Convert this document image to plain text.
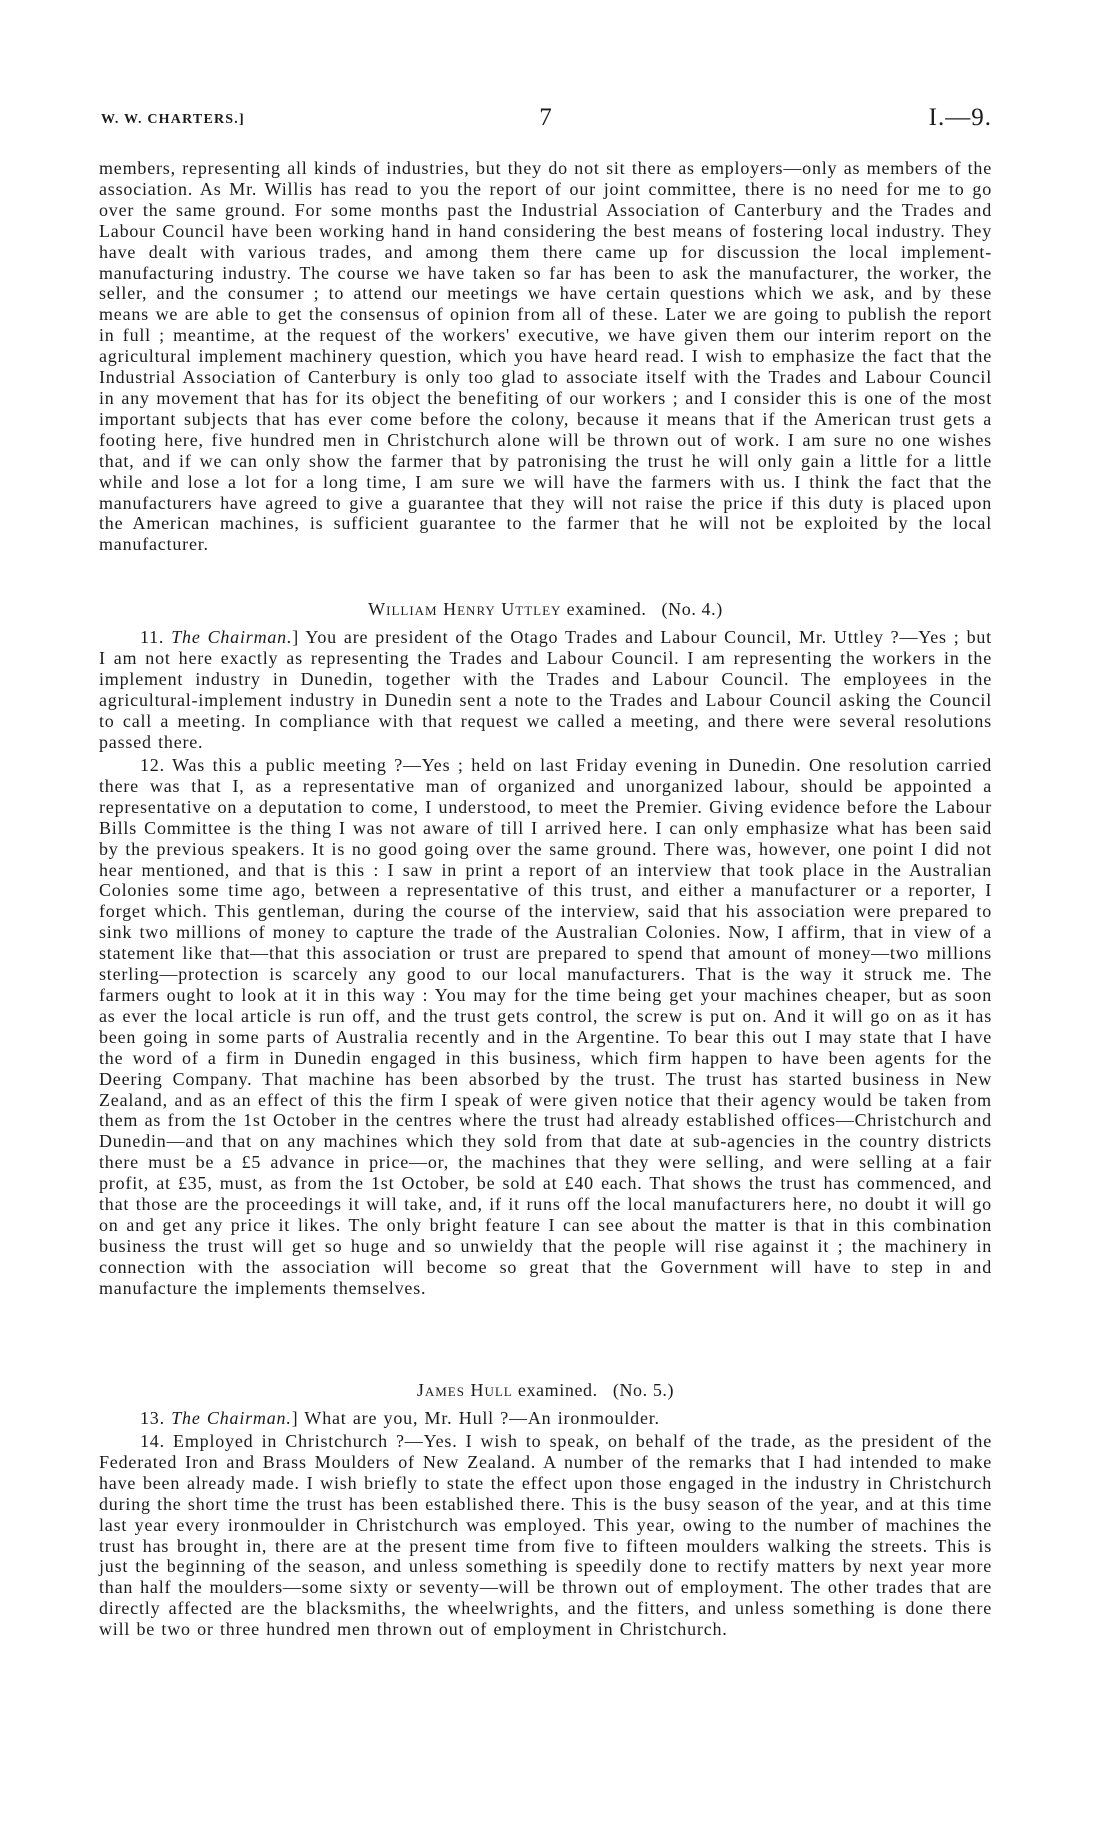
W. W. CHARTERS.]	7	I.—9.

members, representing all kinds of industries, but they do not sit there as employers—only as members of the association. As Mr. Willis has read to you the report of our joint committee, there is no need for me to go over the same ground. For some months past the Industrial Association of Canterbury and the Trades and Labour Council have been working hand in hand considering the best means of fostering local industry. They have dealt with various trades, and among them there came up for discussion the local implement-manufacturing industry. The course we have taken so far has been to ask the manufacturer, the worker, the seller, and the consumer ; to attend our meetings we have certain questions which we ask, and by these means we are able to get the consensus of opinion from all of these. Later we are going to publish the report in full ; meantime, at the request of the workers' executive, we have given them our interim report on the agricultural implement machinery question, which you have heard read. I wish to emphasize the fact that the Industrial Association of Canterbury is only too glad to associate itself with the Trades and Labour Council in any movement that has for its object the benefiting of our workers ; and I consider this is one of the most important subjects that has ever come before the colony, because it means that if the American trust gets a footing here, five hundred men in Christchurch alone will be thrown out of work. I am sure no one wishes that, and if we can only show the farmer that by patronising the trust he will only gain a little for a little while and lose a lot for a long time, I am sure we will have the farmers with us. I think the fact that the manufacturers have agreed to give a guarantee that they will not raise the price if this duty is placed upon the American machines, is sufficient guarantee to the farmer that he will not be exploited by the local manufacturer.

William Henry Uttley examined. (No. 4.)

11. The Chairman.] You are president of the Otago Trades and Labour Council, Mr. Uttley ?—Yes ; but I am not here exactly as representing the Trades and Labour Council. I am representing the workers in the implement industry in Dunedin, together with the Trades and Labour Council. The employees in the agricultural-implement industry in Dunedin sent a note to the Trades and Labour Council asking the Council to call a meeting. In compliance with that request we called a meeting, and there were several resolutions passed there.

12. Was this a public meeting ?—Yes ; held on last Friday evening in Dunedin. One resolution carried there was that I, as a representative man of organized and unorganized labour, should be appointed a representative on a deputation to come, I understood, to meet the Premier. Giving evidence before the Labour Bills Committee is the thing I was not aware of till I arrived here. I can only emphasize what has been said by the previous speakers. It is no good going over the same ground. There was, however, one point I did not hear mentioned, and that is this : I saw in print a report of an interview that took place in the Australian Colonies some time ago, between a representative of this trust, and either a manufacturer or a reporter, I forget which. This gentleman, during the course of the interview, said that his association were prepared to sink two millions of money to capture the trade of the Australian Colonies. Now, I affirm, that in view of a statement like that—that this association or trust are prepared to spend that amount of money—two millions sterling—protection is scarcely any good to our local manufacturers. That is the way it struck me. The farmers ought to look at it in this way : You may for the time being get your machines cheaper, but as soon as ever the local article is run off, and the trust gets control, the screw is put on. And it will go on as it has been going in some parts of Australia recently and in the Argentine. To bear this out I may state that I have the word of a firm in Dunedin engaged in this business, which firm happen to have been agents for the Deering Company. That machine has been absorbed by the trust. The trust has started business in New Zealand, and as an effect of this the firm I speak of were given notice that their agency would be taken from them as from the 1st October in the centres where the trust had already established offices—Christchurch and Dunedin—and that on any machines which they sold from that date at sub-agencies in the country districts there must be a £5 advance in price—or, the machines that they were selling, and were selling at a fair profit, at £35, must, as from the 1st October, be sold at £40 each. That shows the trust has commenced, and that those are the proceedings it will take, and, if it runs off the local manufacturers here, no doubt it will go on and get any price it likes. The only bright feature I can see about the matter is that in this combination business the trust will get so huge and so unwieldy that the people will rise against it ; the machinery in connection with the association will become so great that the Government will have to step in and manufacture the implements themselves.

James Hull examined. (No. 5.)

13. The Chairman.] What are you, Mr. Hull ?—An ironmoulder.

14. Employed in Christchurch ?—Yes. I wish to speak, on behalf of the trade, as the president of the Federated Iron and Brass Moulders of New Zealand. A number of the remarks that I had intended to make have been already made. I wish briefly to state the effect upon those engaged in the industry in Christchurch during the short time the trust has been established there. This is the busy season of the year, and at this time last year every ironmoulder in Christchurch was employed. This year, owing to the number of machines the trust has brought in, there are at the present time from five to fifteen moulders walking the streets. This is just the beginning of the season, and unless something is speedily done to rectify matters by next year more than half the moulders—some sixty or seventy—will be thrown out of employment. The other trades that are directly affected are the blacksmiths, the wheelwrights, and the fitters, and unless something is done there will be two or three hundred men thrown out of employment in Christchurch.
